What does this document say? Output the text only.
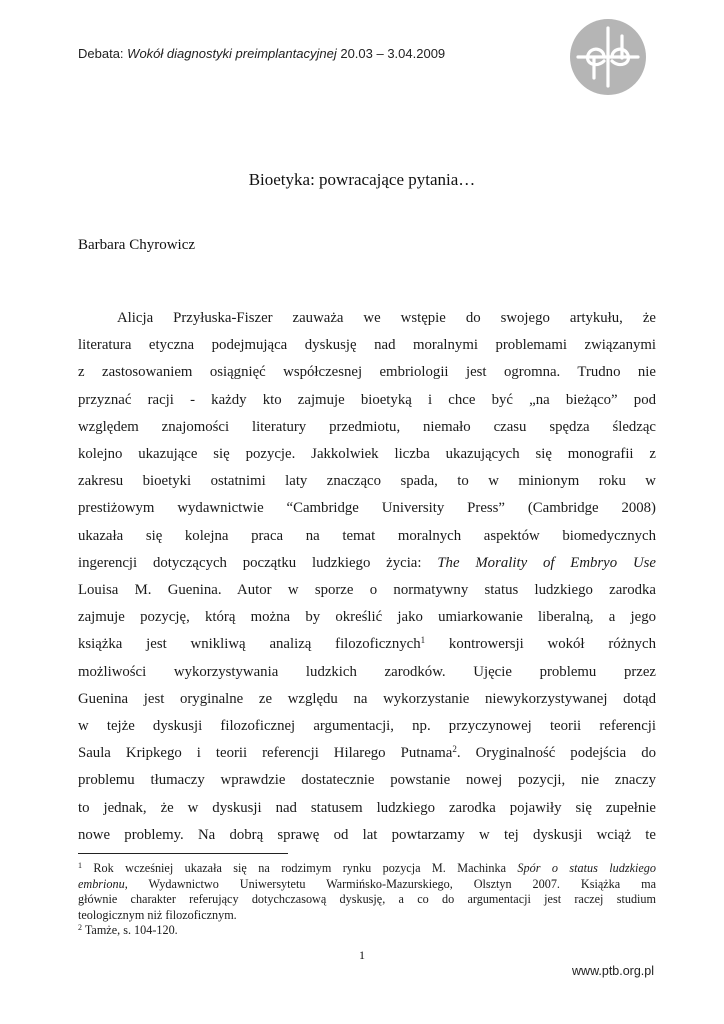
Debata: Wokół diagnostyki preimplantacyjnej 20.03 – 3.04.2009
Bioetyka: powracające pytania…
Barbara Chyrowicz
Alicja Przyłuska-Fiszer zauważa we wstępie do swojego artykułu, że
literatura etyczna podejmująca dyskusję nad moralnymi problemami związanymi
z zastosowaniem osiągnięć współczesnej embriologii jest ogromna. Trudno nie
przyznać racji - każdy kto zajmuje bioetyką i chce być „na bieżąco” pod
względem znajomości literatury przedmiotu, niemało czasu spędza śledząc
kolejno ukazujące się pozycje. Jakkolwiek liczba ukazujących się monografii z
zakresu bioetyki ostatnimi laty znacząco spada, to w minionym roku w
prestiżowym wydawnictwie “Cambridge University Press” (Cambridge 2008)
ukazała się kolejna praca na temat moralnych aspektów biomedycznych
ingerencji dotyczących początku ludzkiego życia: The Morality of Embryo Use
Louisa M. Guenina. Autor w sporze o normatywny status ludzkiego zarodka
zajmuje pozycję, którą można by określić jako umiarkowanie liberalną, a jego
książka jest wnikliwą analizą filozoficznych$^1$ kontrowersji wokół różnych
możliwości wykorzystywania ludzkich zarodków. Ujęcie problemu przez
Guenina jest oryginalne ze względu na wykorzystanie niewykorzystywanej dotąd
w tejże dyskusji filozoficznej argumentacji, np. przyczynowej teorii referencji
Saula Kripkego i teorii referencji Hilarego Putnama$^2$. Oryginalność podejścia do
problemu tłumaczy wprawdzie dostatecznie powstanie nowej pozycji, nie znaczy
to jednak, że w dyskusji nad statusem ludzkiego zarodka pojawiły się zupełnie
nowe problemy. Na dobrą sprawę od lat powtarzamy w tej dyskusji wciąż te
$^1$ Rok wcześniej ukazała się na rodzimym rynku pozycja M. Machinka Spór o status ludzkiego
embrionu, Wydawnictwo Uniwersytetu Warmińsko-Mazurskiego, Olsztyn 2007. Książka ma
głównie charakter referujący dotychczasową dyskusję, a co do argumentacji jest raczej studium
teologicznym niż filozoficznym.
$^2$ Tamże, s. 104-120.
1
www.ptb.org.pl
